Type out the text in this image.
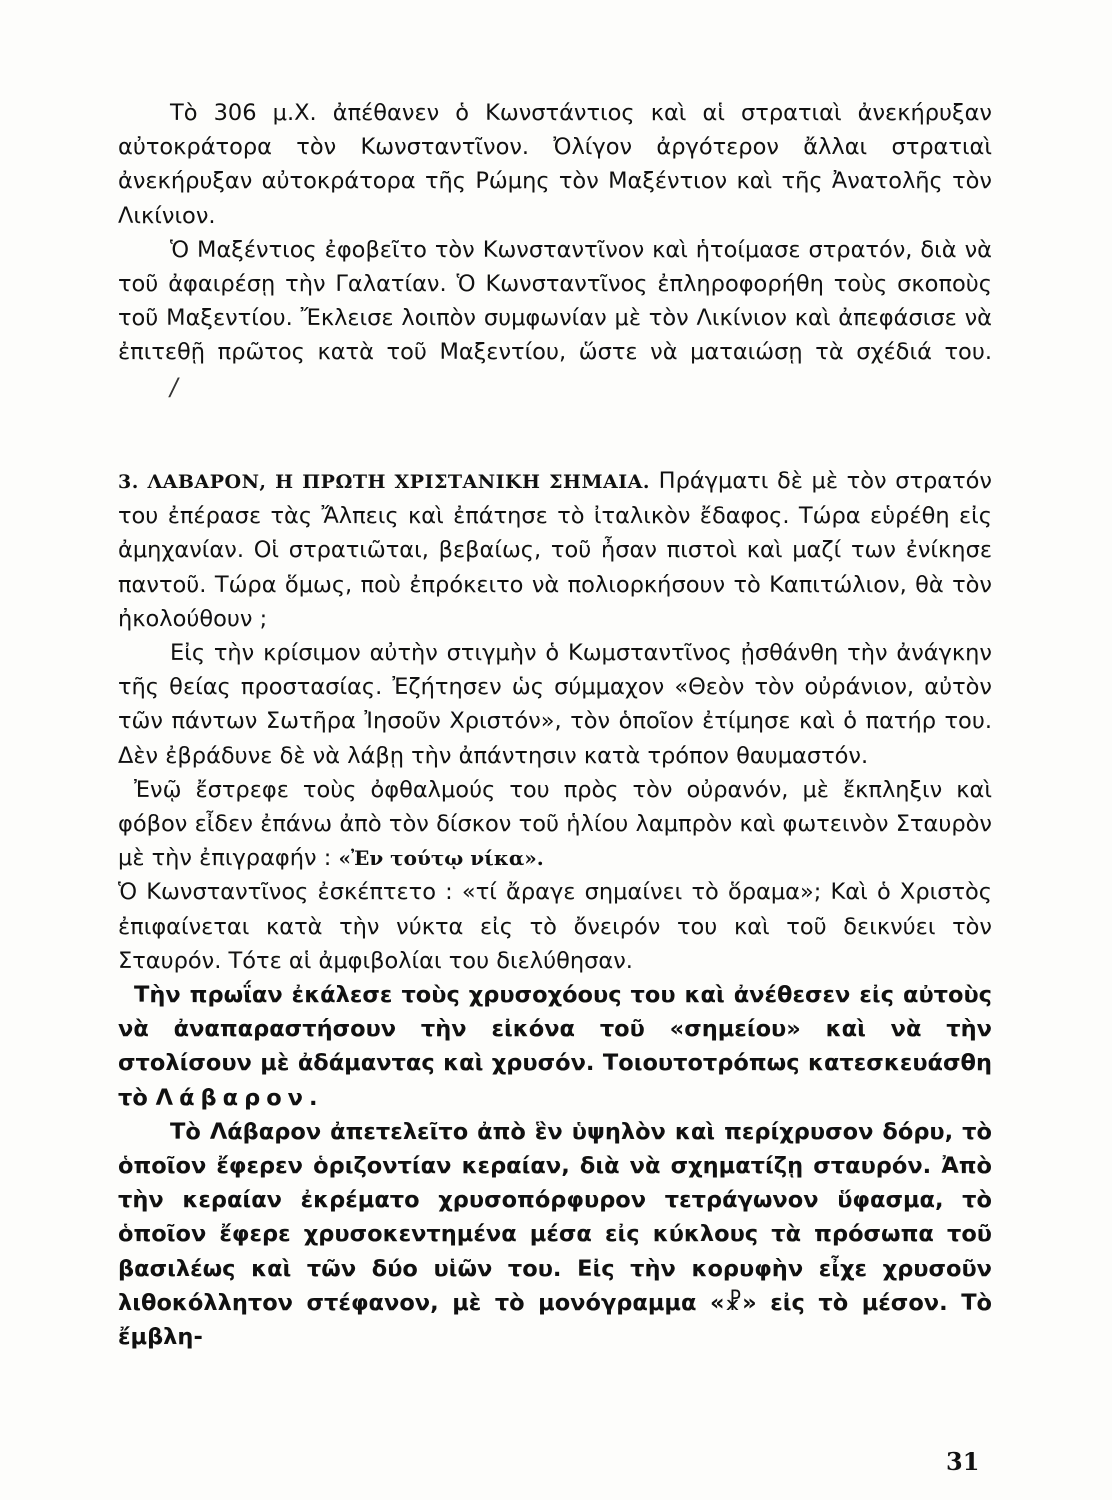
Τὸ 306 μ.Χ. ἀπέθανεν ὁ Κωνστάντιος καὶ αἱ στρατιαὶ ἀνεκήρυξαν αὐτοκράτορα τὸν Κωνσταντῖνον. Ὀλίγον ἀργότερον ἄλλαι στρατιαὶ ἀνεκήρυξαν αὐτοκράτορα τῆς Ρώμης τὸν Μαξέντιον καὶ τῆς Ἀνατολῆς τὸν Λικίνιον.

Ὁ Μαξέντιος ἐφοβεῖτο τὸν Κωνσταντῖνον καὶ ἡτοίμασε στρατόν, διὰ νὰ τοῦ ἀφαιρέσῃ τὴν Γαλατίαν. Ὁ Κωνσταντῖνος ἐπληροφορήθη τοὺς σκοποὺς τοῦ Μαξεντίου. Ἔκλεισε λοιπὸν συμφωνίαν μὲ τὸν Λικίνιον καὶ ἀπεφάσισε νὰ ἐπιτεθῇ πρῶτος κατὰ τοῦ Μαξεντίου, ὥστε νὰ ματαιώσῃ τὰ σχέδιά του. /

3. ΛΑΒΑΡΟΝ, Η ΠΡΩΤΗ ΧΡΙΣΤΑΝΙΚΗ ΣΗΜΑΙΑ. Πράγματι δὲ μὲ τὸν στρατόν του ἐπέρασε τὰς Ἄλπεις καὶ ἐπάτησε τὸ ἰταλικὸν ἔδαφος. Τώρα εὑρέθη εἰς ἀμηχανίαν. Οἱ στρατιῶται, βεβαίως, τοῦ ἦσαν πιστοὶ καὶ μαζί των ἐνίκησε παντοῦ. Τώρα ὅμως, ποὺ ἐπρόκειτο νὰ πολιορκήσουν τὸ Καπιτώλιον, θὰ τὸν ἠκολούθουν ;

Εἰς τὴν κρίσιμον αὐτὴν στιγμὴν ὁ Κωμσταντῖνος ᾐσθάνθη τὴν ἀνάγκην τῆς θείας προστασίας. Ἐζήτησεν ὡς σύμμαχον «Θεὸν τὸν οὐράνιον, αὐτὸν τῶν πάντων Σωτῆρα Ἰησοῦν Χριστόν», τὸν ὁποῖον ἐτίμησε καὶ ὁ πατήρ του. Δὲν ἐβράδυνε δὲ νὰ λάβῃ τὴν ἀπάντησιν κατὰ τρόπον θαυμαστόν.

Ἐνῷ ἔστρεφε τοὺς ὀφθαλμούς του πρὸς τὸν οὐρανόν, μὲ ἔκπληξιν καὶ φόβον εἶδεν ἐπάνω ἀπὸ τὸν δίσκον τοῦ ἡλίου λαμπρὸν καὶ φωτεινὸν Σταυρὸν μὲ τὴν ἐπιγραφήν : «Ἐν τούτῳ νίκα».

Ὁ Κωνσταντῖνος ἐσκέπτετο : «τί ἄραγε σημαίνει τὸ ὅραμα»; Καὶ ὁ Χριστὸς ἐπιφαίνεται κατὰ τὴν νύκτα εἰς τὸ ὄνειρόν του καὶ τοῦ δεικνύει τὸν Σταυρόν. Τότε αἱ ἀμφιβολίαι του διελύθησαν.

Τὴν πρωΐαν ἐκάλεσε τοὺς χρυσοχόους του καὶ ἀνέθεσεν εἰς αὐτοὺς νὰ ἀναπαραστήσουν τὴν εἰκόνα τοῦ «σημείου» καὶ νὰ τὴν στολίσουν μὲ ἀδάμαντας καὶ χρυσόν. Τοιουτοτρόπως κατεσκευάσθη τὸ Λάβαρον.

Τὸ Λάβαρον ἀπετελεῖτο ἀπὸ ἓν ὑψηλὸν καὶ περίχρυσον δόρυ, τὸ ὁποῖον ἔφερεν ὁριζοντίαν κεραίαν, διὰ νὰ σχηματίζῃ σταυρόν. Ἀπὸ τὴν κεραίαν ἐκρέματο χρυσοπόρφυρον τετράγωνον ὕφασμα, τὸ ὁποῖον ἔφερε χρυσοκεντημένα μέσα εἰς κύκλους τὰ πρόσωπα τοῦ βασιλέως καὶ τῶν δύο υἱῶν του. Εἰς τὴν κορυφὴν εἶχε χρυσοῦν λιθοκόλλητον στέφανον, μὲ τὸ μονόγραμμα «☧» εἰς τὸ μέσον. Τὸ ἔμβλη-

31
